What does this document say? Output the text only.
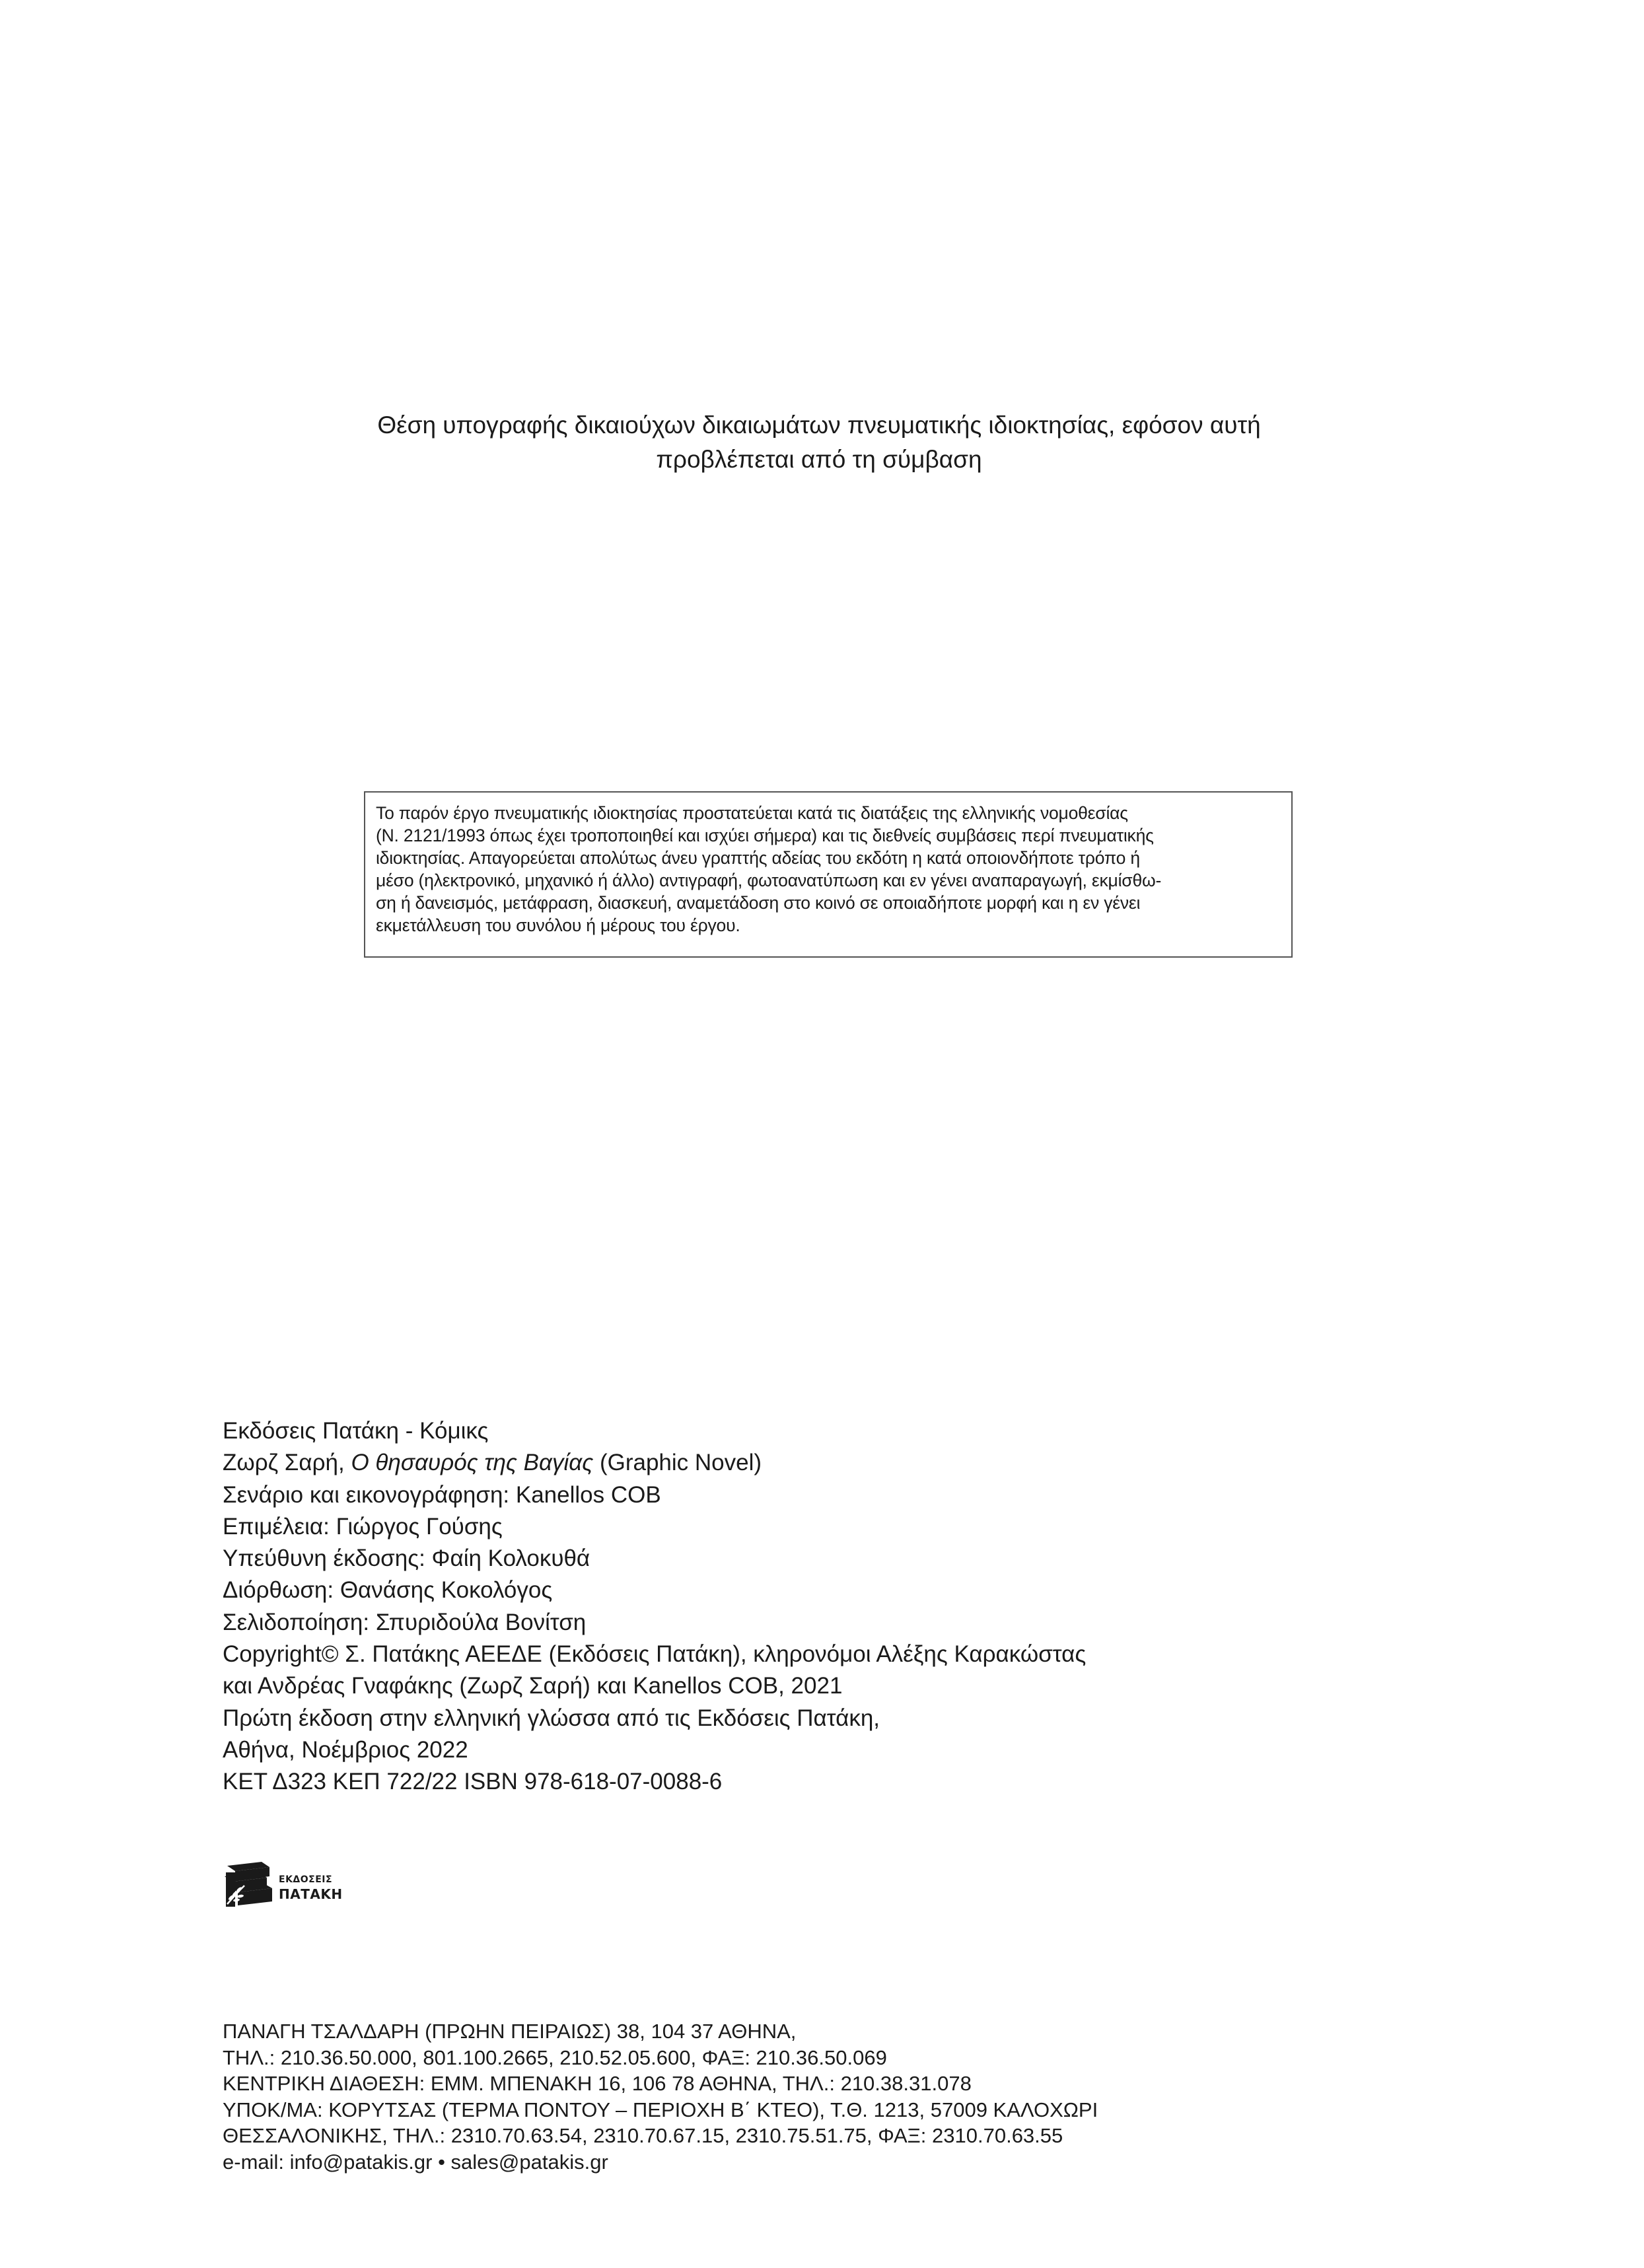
Θέση υπογραφής δικαιούχων δικαιωμάτων πνευματικής ιδιοκτησίας, εφόσον αυτή
προβλέπεται από τη σύμβαση
Το παρόν έργο πνευματικής ιδιοκτησίας προστατεύεται κατά τις διατάξεις της ελληνικής νομοθεσίας
(Ν. 2121/1993 όπως έχει τροποποιηθεί και ισχύει σήμερα) και τις διεθνείς συμβάσεις περί πνευματικής
ιδιοκτησίας. Απαγορεύεται απολύτως άνευ γραπτής αδείας του εκδότη η κατά οποιονδήποτε τρόπο ή
μέσο (ηλεκτρονικό, μηχανικό ή άλλο) αντιγραφή, φωτοανατύπωση και εν γένει αναπαραγωγή, εκμίσθω-
ση ή δανεισμός, μετάφραση, διασκευή, αναμετάδοση στο κοινό σε οποιαδήποτε μορφή και η εν γένει
εκμετάλλευση του συνόλου ή μέρους του έργου.
Εκδόσεις Πατάκη - Κόμικς
Ζωρζ Σαρή, Ο θησαυρός της Βαγίας (Graphic Novel)
Σενάριο και εικονογράφηση: Kanellos COB
Επιμέλεια: Γιώργος Γούσης
Υπεύθυνη έκδοσης: Φαίη Κολοκυθά
Διόρθωση: Θανάσης Κοκολόγος
Σελιδοποίηση: Σπυριδούλα Βονίτση
Copyright© Σ. Πατάκης ΑΕΕΔΕ (Εκδόσεις Πατάκη), κληρονόμοι Αλέξης Καρακώστας
και Ανδρέας Γναφάκης (Ζωρζ Σαρή) και Kanellos COB, 2021
Πρώτη έκδοση στην ελληνική γλώσσα από τις Εκδόσεις Πατάκη,
Αθήνα, Νοέμβριος 2022
ΚΕΤ Δ323 ΚΕΠ 722/22 ISBN 978-618-07-0088-6
ΕΚΔΟΣΕΙΣ
ΠΑΤΑΚΗ
ΠΑΝΑΓΗ ΤΣΑΛΔΑΡΗ (ΠΡΩΗΝ ΠΕΙΡΑΙΩΣ) 38, 104 37 ΑΘΗΝΑ,
ΤΗΛ.: 210.36.50.000, 801.100.2665, 210.52.05.600, ΦΑΞ: 210.36.50.069
ΚΕΝΤΡΙΚΗ ΔΙΑΘΕΣΗ: ΕΜΜ. ΜΠΕΝΑΚΗ 16, 106 78 ΑΘΗΝΑ, ΤΗΛ.: 210.38.31.078
ΥΠΟΚ/ΜΑ: ΚΟΡΥΤΣΑΣ (ΤΕΡΜΑ ΠΟΝΤΟΥ – ΠΕΡΙΟΧΗ Β΄ ΚΤΕΟ), Τ.Θ. 1213, 57009 ΚΑΛΟΧΩΡΙ
ΘΕΣΣΑΛΟΝΙΚΗΣ, ΤΗΛ.: 2310.70.63.54, 2310.70.67.15, 2310.75.51.75, ΦΑΞ: 2310.70.63.55
e-mail: info@patakis.gr • sales@patakis.gr
